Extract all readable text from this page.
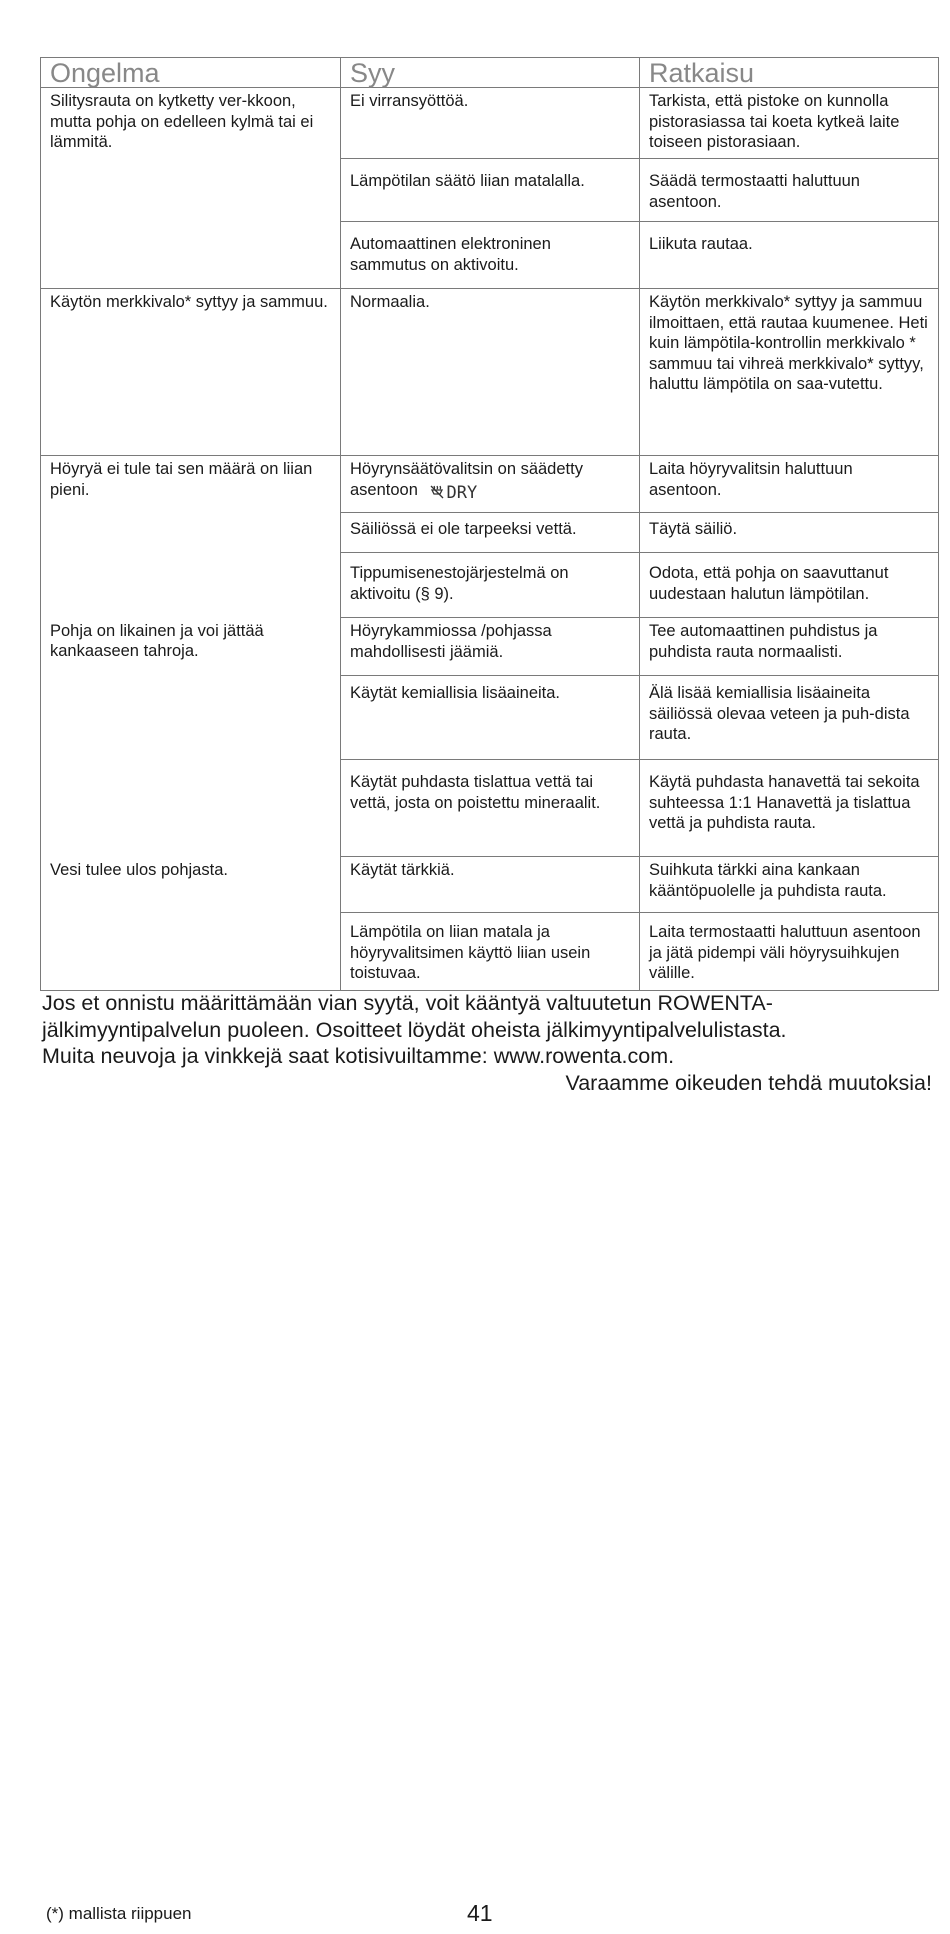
Ongelma	Syy	Ratkaisu
Silitysrauta on kytketty ver-kkoon, mutta pohja on edelleen kylmä tai ei lämmitä.	Ei virransyöttöä.	Tarkista, että pistoke on kunnolla pistorasiassa tai koeta kytkeä laite toiseen pistorasiaan.
	Lämpötilan säätö liian matalalla.	Säädä termostaatti haluttuun asentoon.
	Automaattinen elektroninen sammutus on aktivoitu.	Liikuta rautaa.
Käytön merkkivalo* syttyy ja sammuu.	Normaalia.	Käytön merkkivalo* syttyy ja sammuu ilmoittaen, että rautaa kuumenee. Heti kuin lämpötila-kontrollin merkkivalo * sammuu tai vihreä merkkivalo* syttyy, haluttu lämpötila on saa-vutettu.
Höyryä ei tule tai sen määrä on liian pieni.	Höyrynsäätövalitsin on säädetty asentoon DRY	Laita höyryvalitsin haluttuun asentoon.
	Säiliössä ei ole tarpeeksi vettä.	Täytä säiliö.
	Tippumisenestojärjestelmä on aktivoitu (§ 9).	Odota, että pohja on saavuttanut uudestaan halutun lämpötilan.
Pohja on likainen ja voi jättää kankaaseen tahroja.	Höyrykammiossa /pohjassa mahdollisesti jäämiä.	Tee automaattinen puhdistus ja puhdista rauta normaalisti.
	Käytät kemiallisia lisäaineita.	Älä lisää kemiallisia lisäaineita säiliössä olevaa veteen ja puh-dista rauta.
	Käytät puhdasta tislattua vettä tai vettä, josta on poistettu mineraalit.	Käytä puhdasta hanavettä tai sekoita suhteessa 1:1 Hanavettä ja tislattua vettä ja puhdista rauta.
Vesi tulee ulos pohjasta.	Käytät tärkkiä.	Suihkuta tärkki aina kankaan kääntöpuolelle ja puhdista rauta.
	Lämpötila on liian matala ja höyryvalitsimen käyttö liian usein toistuvaa.	Laita termostaatti haluttuun asentoon ja jätä pidempi väli höyrysuihkujen välille.

Jos et onnistu määrittämään vian syytä, voit kääntyä valtuutetun ROWENTA-

jälkimyyntipalvelun puoleen. Osoitteet löydät oheista jälkimyyntipalvelulistasta.

Muita neuvoja ja vinkkejä saat kotisivuiltamme: www.rowenta.com.

Varaamme oikeuden tehdä muutoksia!

(*) mallista riippuen	41
